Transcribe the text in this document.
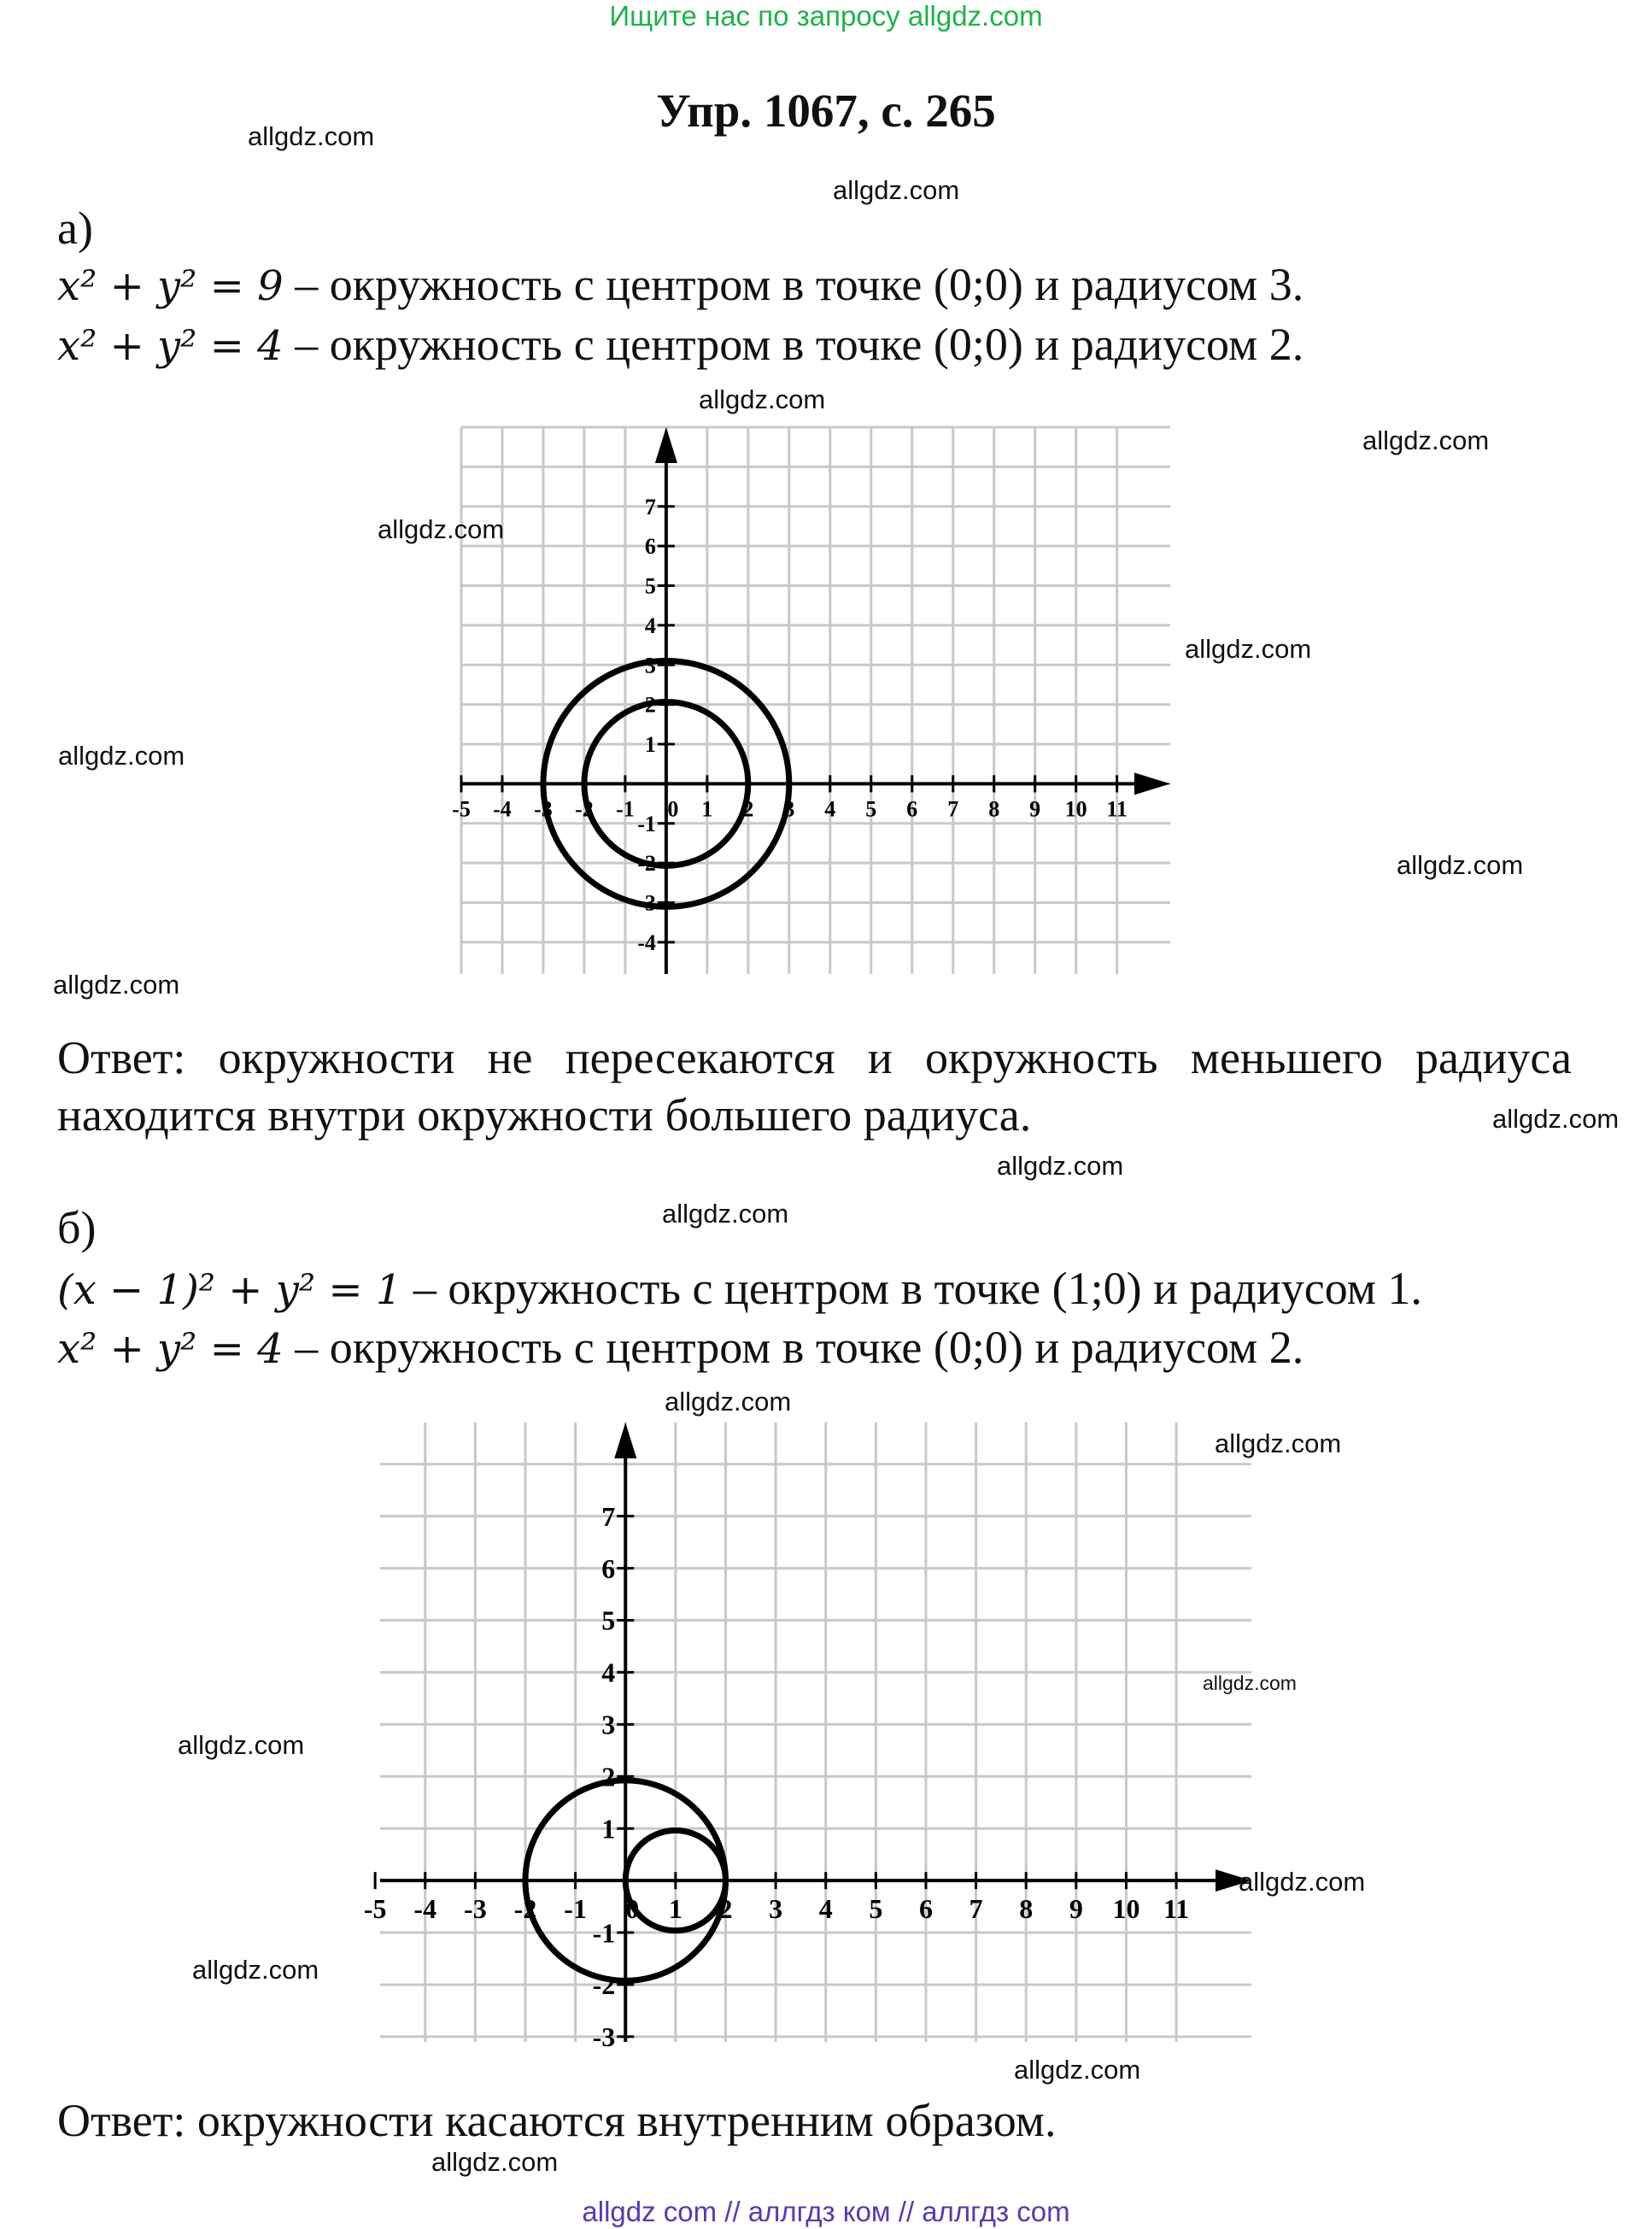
Ищите нас по запросу allgdz.com
Упр. 1067, с. 265
а)
x² + y² = 9 – окружность с центром в точке (0;0) и радиусом 3.
x² + y² = 4 – окружность с центром в точке (0;0) и радиусом 2.
-5 -4 -3 -2 -1 0 1 2 3 4 5 6 7 8 9 10 11
-4
-3
-2
-1
1
2
3
4
5
6
7
Ответ: окружности не пересекаются и окружность меньшего радиуса находится внутри окружности большего радиуса.
б)
(x − 1)² + y² = 1 – окружность с центром в точке (1;0) и радиусом 1.
x² + y² = 4 – окружность с центром в точке (0;0) и радиусом 2.
-5 -4 -3 -2 -1 0 1 2 3 4 5 6 7 8 9 10 11
-3
-2
-1
1
2
3
4
5
6
7
Ответ: окружности касаются внутренним образом.
allgdz.com
allgdz.com
allgdz.com
allgdz.com
allgdz.com
allgdz.com
allgdz.com
allgdz.com
allgdz.com
allgdz.com
allgdz.com
allgdz.com
allgdz.com
allgdz.com
allgdz.com
allgdz.com
allgdz.com
allgdz.com
allgdz.com
allgdz.com
allgdz com // аллгдз ком // аллгдз com
